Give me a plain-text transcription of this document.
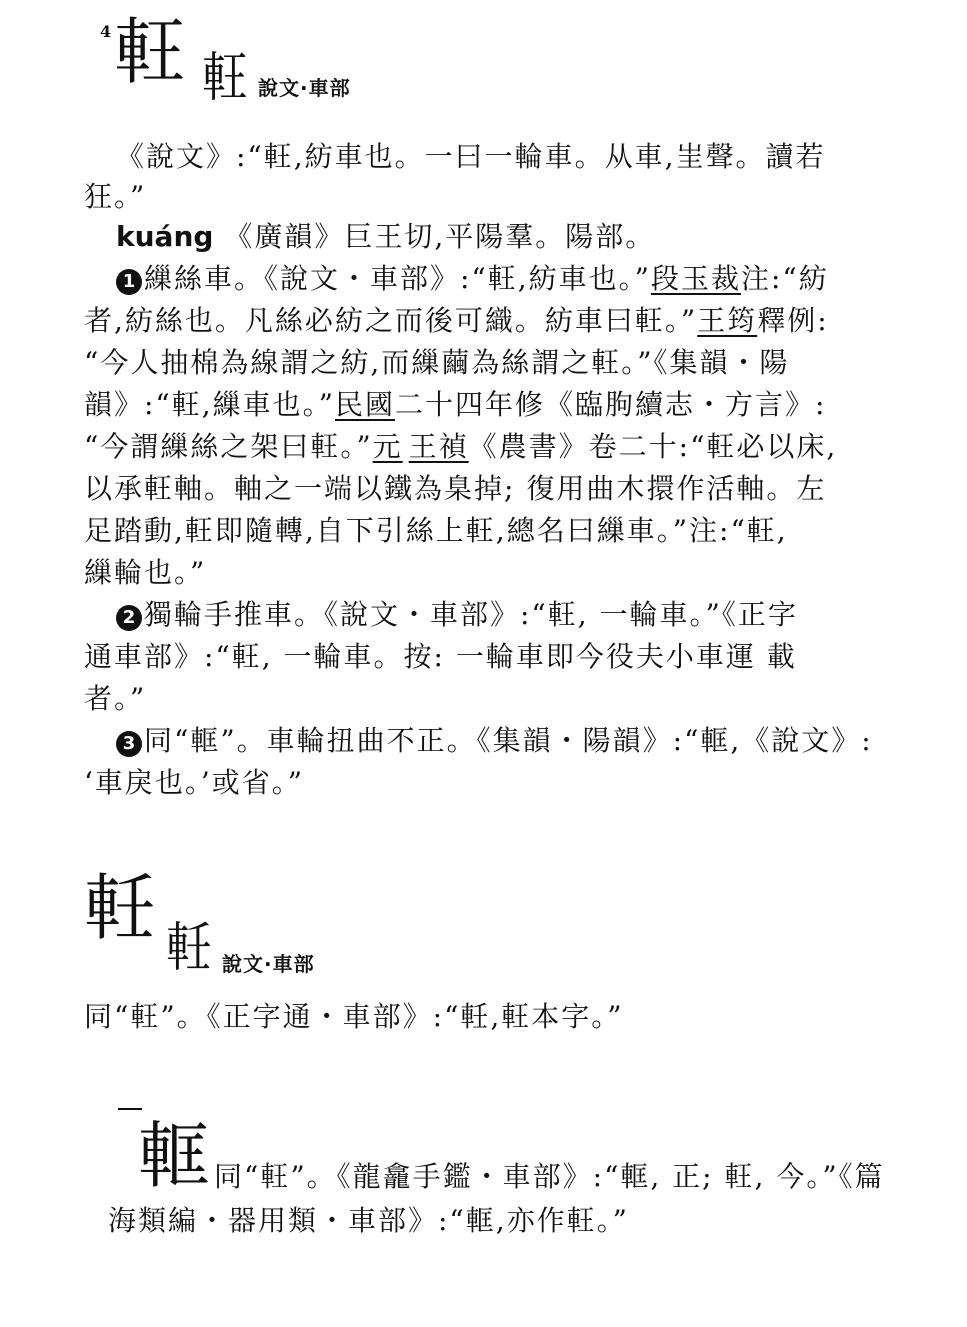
4 軖 軖 說文·車部
《說文》:“軖,紡車也。一曰一輪車。从車,㞷聲。讀若
狂。”
kuáng 《廣韻》巨王切,平陽羣。陽部。
1 繅絲車。《說文・車部》:“軖,紡車也。”段玉裁注:“紡
者,紡絲也。凡絲必紡之而後可織。紡車曰軖。”王筠釋例:
“今人抽棉為線謂之紡,而繅繭為絲謂之軖。”《集韻・陽
韻》:“軖,繅車也。”民國二十四年修《臨朐續志・方言》:
“今謂繅絲之架曰軖。”元 王禎《農書》卷二十:“軖必以床,
以承軖軸。軸之一端以鐵為臬掉; 復用曲木擐作活軸。左
足踏動,軖即隨轉,自下引絲上軖,總名曰繅車。”注:“軖,
繅輪也。”
2 獨輪手推車。《說文・車部》:“軖, 一輪車。”《正字
通車部》:“軖, 一輪車。按: 一輪車即今役夫小車運 載
者。”
3 同“軭”。車輪扭曲不正。《集韻・陽韻》:“軭,《說文》:
‘車戾也。’或省。”
軠 軠 說文·車部
同“軖”。《正字通・車部》:“軠,軖本字。”
軭 同“軖”。《龍龕手鑑・車部》:“軭, 正; 軖, 今。”《篇
海類編・器用類・車部》:“軭,亦作軖。”
